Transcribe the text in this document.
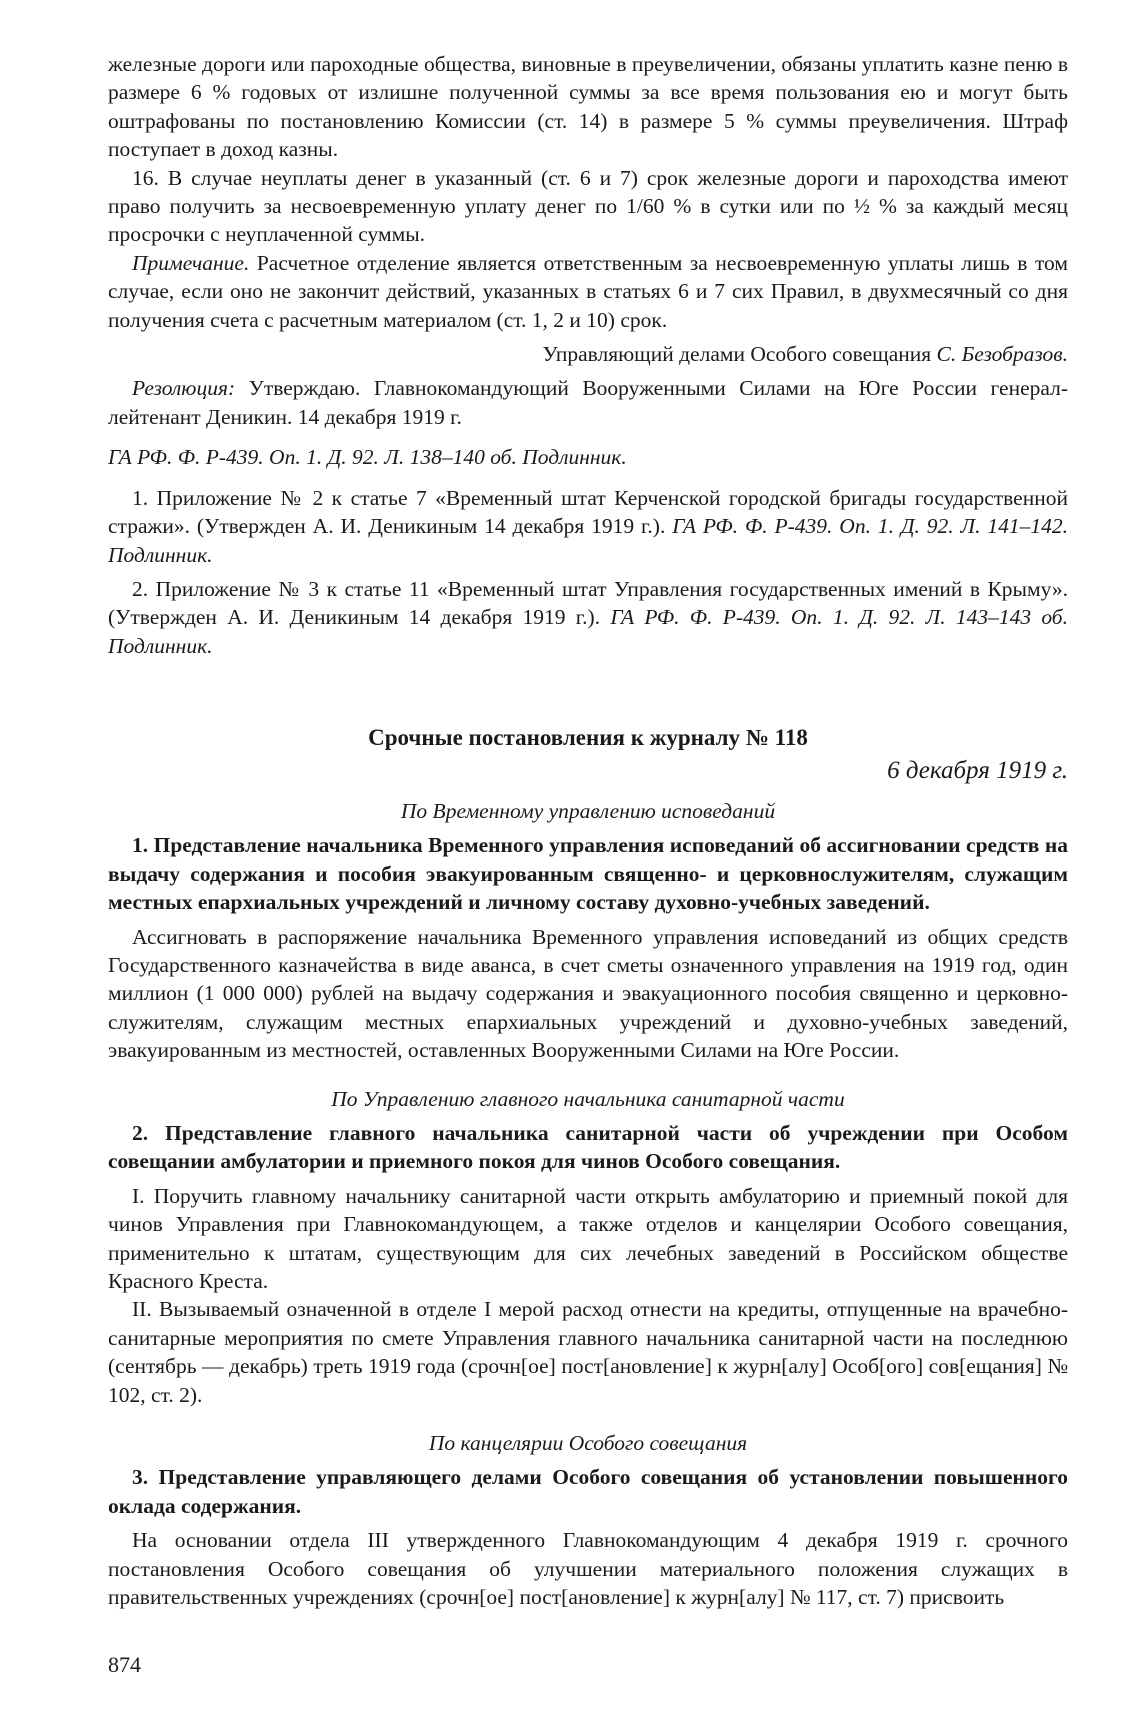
железные дороги или пароходные общества, виновные в преувеличении, обязаны уплатить казне пеню в размере 6 % годовых от излишне полученной суммы за все время пользования ею и могут быть оштрафованы по постановлению Комиссии (ст. 14) в размере 5 % суммы преувеличения. Штраф поступает в доход казны.

16. В случае неуплаты денег в указанный (ст. 6 и 7) срок железные дороги и пароходства имеют право получить за несвоевременную уплату денег по 1/60 % в сутки или по ½ % за каждый месяц просрочки с неуплаченной суммы.

Примечание. Расчетное отделение является ответственным за несвоевременную уплаты лишь в том случае, если оно не закончит действий, указанных в статьях 6 и 7 сих Правил, в двухмесячный со дня получения счета с расчетным материалом (ст. 1, 2 и 10) срок.

Управляющий делами Особого совещания С. Безобразов.

Резолюция: Утверждаю. Главнокомандующий Вооруженными Силами на Юге России генерал-лейтенант Деникин. 14 декабря 1919 г.

ГА РФ. Ф. Р-439. Оп. 1. Д. 92. Л. 138–140 об. Подлинник.

1. Приложение № 2 к статье 7 «Временный штат Керченской городской бригады государственной стражи». (Утвержден А. И. Деникиным 14 декабря 1919 г.). ГА РФ. Ф. Р-439. Оп. 1. Д. 92. Л. 141–142. Подлинник.

2. Приложение № 3 к статье 11 «Временный штат Управления государственных имений в Крыму». (Утвержден А. И. Деникиным 14 декабря 1919 г.). ГА РФ. Ф. Р-439. Оп. 1. Д. 92. Л. 143–143 об. Подлинник.

Срочные постановления к журналу № 118

6 декабря 1919 г.

По Временному управлению исповеданий

1. Представление начальника Временного управления исповеданий об ассигновании средств на выдачу содержания и пособия эвакуированным священно- и церковнослужителям, служащим местных епархиальных учреждений и личному составу духовно-учебных заведений.

Ассигновать в распоряжение начальника Временного управления исповеданий из общих средств Государственного казначейства в виде аванса, в счет сметы означенного управления на 1919 год, один миллион (1 000 000) рублей на выдачу содержания и эвакуационного пособия священно и церковно-служителям, служащим местных епархиальных учреждений и духовно-учебных заведений, эвакуированным из местностей, оставленных Вооруженными Силами на Юге России.

По Управлению главного начальника санитарной части

2. Представление главного начальника санитарной части об учреждении при Особом совещании амбулатории и приемного покоя для чинов Особого совещания.

I. Поручить главному начальнику санитарной части открыть амбулаторию и приемный покой для чинов Управления при Главнокомандующем, а также отделов и канцелярии Особого совещания, применительно к штатам, существующим для сих лечебных заведений в Российском обществе Красного Креста.

II. Вызываемый означенной в отделе I мерой расход отнести на кредиты, отпущенные на врачебно-санитарные мероприятия по смете Управления главного начальника санитарной части на последнюю (сентябрь — декабрь) треть 1919 года (срочн[ое] пост[ановление] к журн[алу] Особ[ого] сов[ещания] № 102, ст. 2).

По канцелярии Особого совещания

3. Представление управляющего делами Особого совещания об установлении повышенного оклада содержания.

На основании отдела III утвержденного Главнокомандующим 4 декабря 1919 г. срочного постановления Особого совещания об улучшении материального положения служащих в правительственных учреждениях (срочн[ое] пост[ановление] к журн[алу] № 117, ст. 7) присвоить

874
